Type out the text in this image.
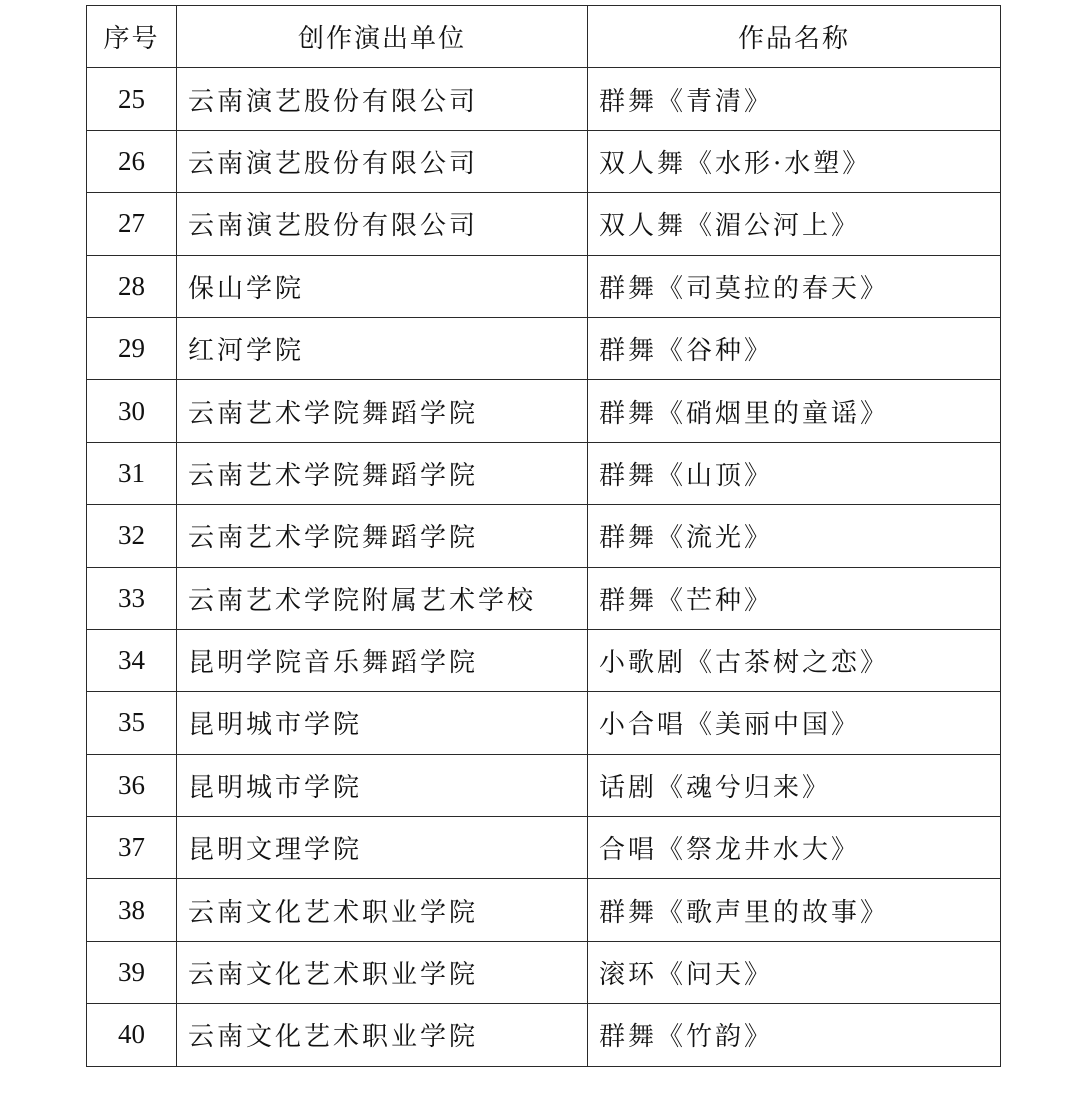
序号	创作演出单位	作品名称
25	云南演艺股份有限公司	群舞《青清》
26	云南演艺股份有限公司	双人舞《水形·水塑》
27	云南演艺股份有限公司	双人舞《湄公河上》
28	保山学院	群舞《司莫拉的春天》
29	红河学院	群舞《谷种》
30	云南艺术学院舞蹈学院	群舞《硝烟里的童谣》
31	云南艺术学院舞蹈学院	群舞《山顶》
32	云南艺术学院舞蹈学院	群舞《流光》
33	云南艺术学院附属艺术学校	群舞《芒种》
34	昆明学院音乐舞蹈学院	小歌剧《古茶树之恋》
35	昆明城市学院	小合唱《美丽中国》
36	昆明城市学院	话剧《魂兮归来》
37	昆明文理学院	合唱《祭龙井水大》
38	云南文化艺术职业学院	群舞《歌声里的故事》
39	云南文化艺术职业学院	滚环《问天》
40	云南文化艺术职业学院	群舞《竹韵》
